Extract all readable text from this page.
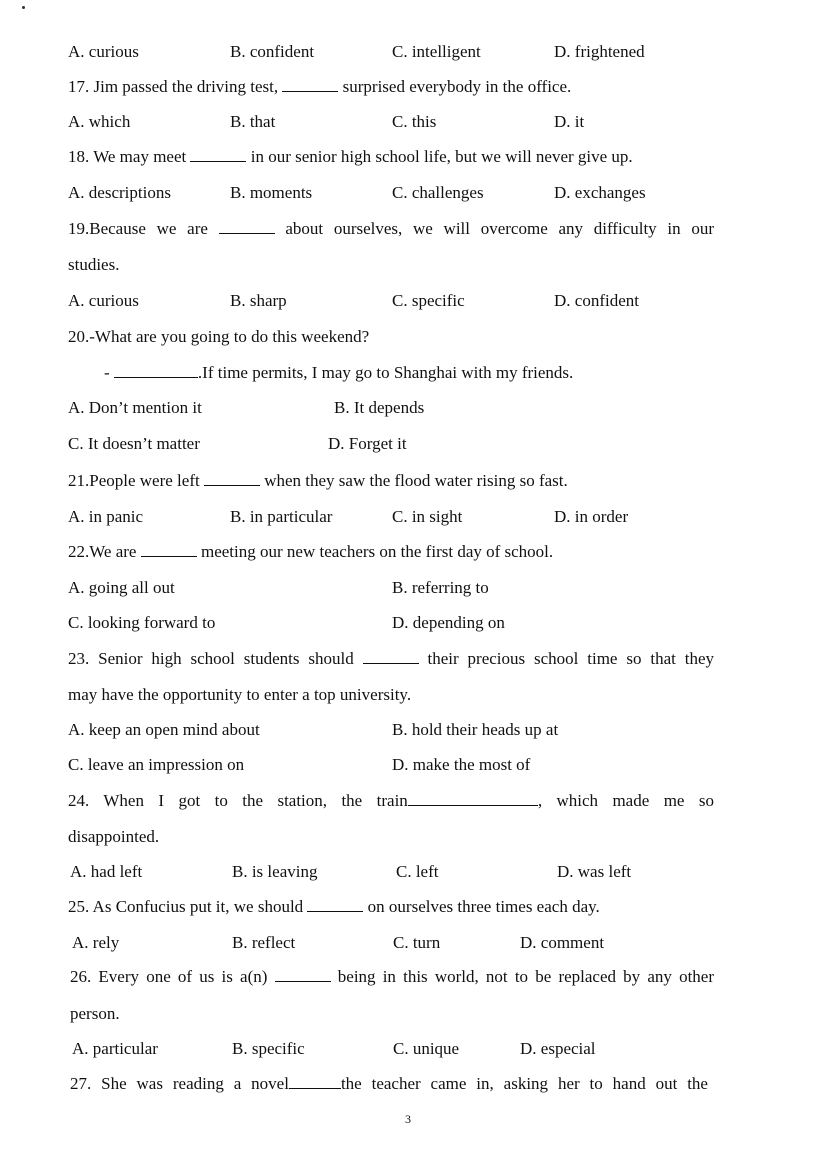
A. curious	B. confident	C. intelligent	D. frightened
17. Jim passed the driving test,	surprised everybody in the office.
A. which	B. that	C. this	D. it
18. We may meet	in our senior high school life, but we will never give up.
A. descriptions	B. moments	C. challenges	D. exchanges
19.Because we are	about ourselves, we will overcome any difficulty in our
studies.
A. curious	B. sharp	C. specific	D. confident
20.-What are you going to do this weekend?
-	.If time permits, I may go to Shanghai with my friends.
A. Don’t mention it	B. It depends
C. It doesn’t matter	D. Forget it
21.People were left	when they saw the flood water rising so fast.
A. in panic	B. in particular	C. in sight	D. in order
22.We are	meeting our new teachers on the first day of school.
A. going all out	B. referring to
C. looking forward to	D. depending on
23. Senior high school students should	their precious school time so that they
may have the opportunity to enter a top university.
A. keep an open mind about	B. hold their heads up at
C. leave an impression on	D. make the most of
24. When I got to the station, the train	, which made me so
disappointed.
A. had left	B. is leaving	C. left	D. was left
25. As Confucius put it, we should	on ourselves three times each day.
A. rely	B. reflect	C. turn	D. comment
26. Every one of us is a(n)	being in this world, not to be replaced by any other
person.
A. particular	B. specific	C. unique	D. especial
27. She was reading a novel	the teacher came in, asking her to hand out the
3
